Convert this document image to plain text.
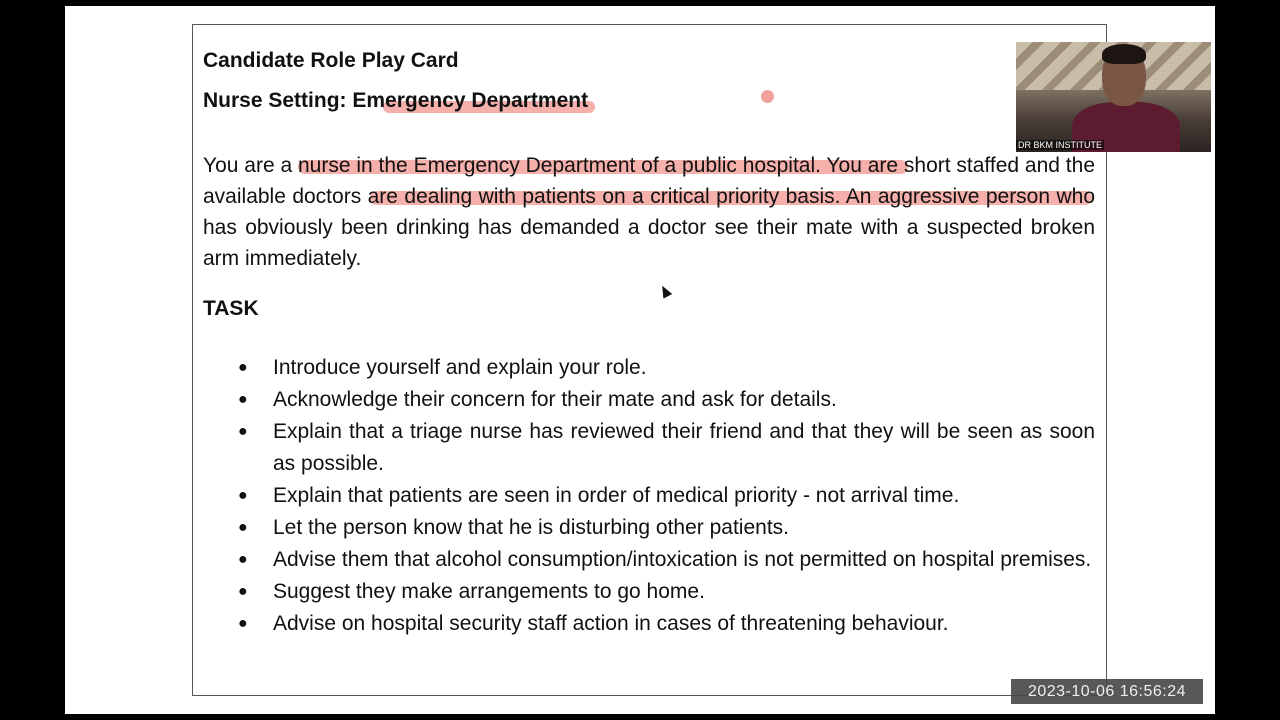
Candidate Role Play Card
Nurse Setting: Emergency Department

You are a nurse in the Emergency Department of a public hospital. You are short staffed and the available doctors are dealing with patients on a critical priority basis. An aggressive person who has obviously been drinking has demanded a doctor see their mate with a suspected broken arm immediately.

TASK
● Introduce yourself and explain your role.
● Acknowledge their concern for their mate and ask for details.
● Explain that a triage nurse has reviewed their friend and that they will be seen as soon as possible.
● Explain that patients are seen in order of medical priority - not arrival time.
● Let the person know that he is disturbing other patients.
● Advise them that alcohol consumption/intoxication is not permitted on hospital premises.
● Suggest they make arrangements to go home.
● Advise on hospital security staff action in cases of threatening behaviour.
DR BKM INSTITUTE
2023-10-06 16:56:24
